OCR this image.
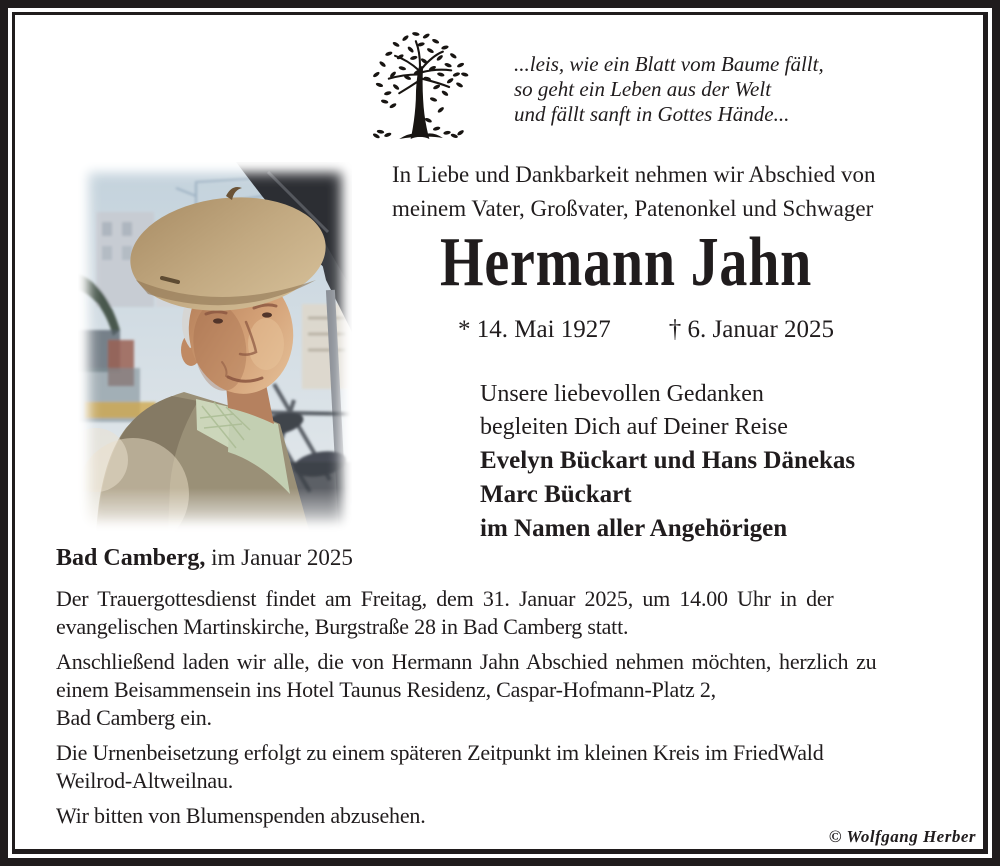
...leis, wie ein Blatt vom Baume fällt,
so geht ein Leben aus der Welt
und fällt sanft in Gottes Hände...
In Liebe und Dankbarkeit nehmen wir Abschied von
meinem Vater, Großvater, Patenonkel und Schwager
Hermann Jahn
* 14. Mai 1927 † 6. Januar 2025
Unsere liebevollen Gedanken
begleiten Dich auf Deiner Reise
Evelyn Bückart und Hans Dänekas
Marc Bückart
im Namen aller Angehörigen
Bad Camberg, im Januar 2025
Der Trauergottesdienst findet am Freitag, dem 31. Januar 2025, um 14.00 Uhr in der
evangelischen Martinskirche, Burgstraße 28 in Bad Camberg statt.
Anschließend laden wir alle, die von Hermann Jahn Abschied nehmen möchten, herzlich zu
einem Beisammensein ins Hotel Taunus Residenz, Caspar-Hofmann-Platz 2,
Bad Camberg ein.
Die Urnenbeisetzung erfolgt zu einem späteren Zeitpunkt im kleinen Kreis im FriedWald
Weilrod-Altweilnau.
Wir bitten von Blumenspenden abzusehen.
© Wolfgang Herber
